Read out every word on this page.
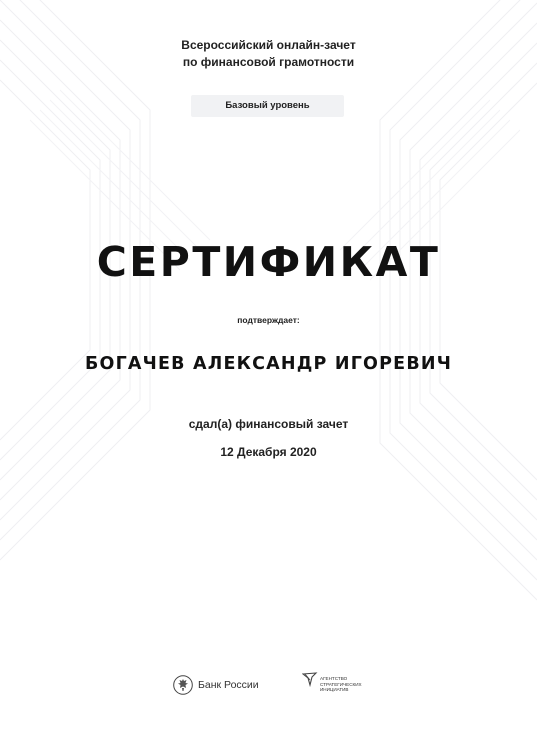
Всероссийский онлайн-зачет
по финансовой грамотности
Базовый уровень
СЕРТИФИКАТ
подтверждает:
БОГАЧЕВ АЛЕКСАНДР ИГОРЕВИЧ
сдал(а) финансовый зачет
12 Декабря 2020
Банк России
АГЕНТСТВО
СТРАТЕГИЧЕСКИХ
ИНИЦИАТИВ
